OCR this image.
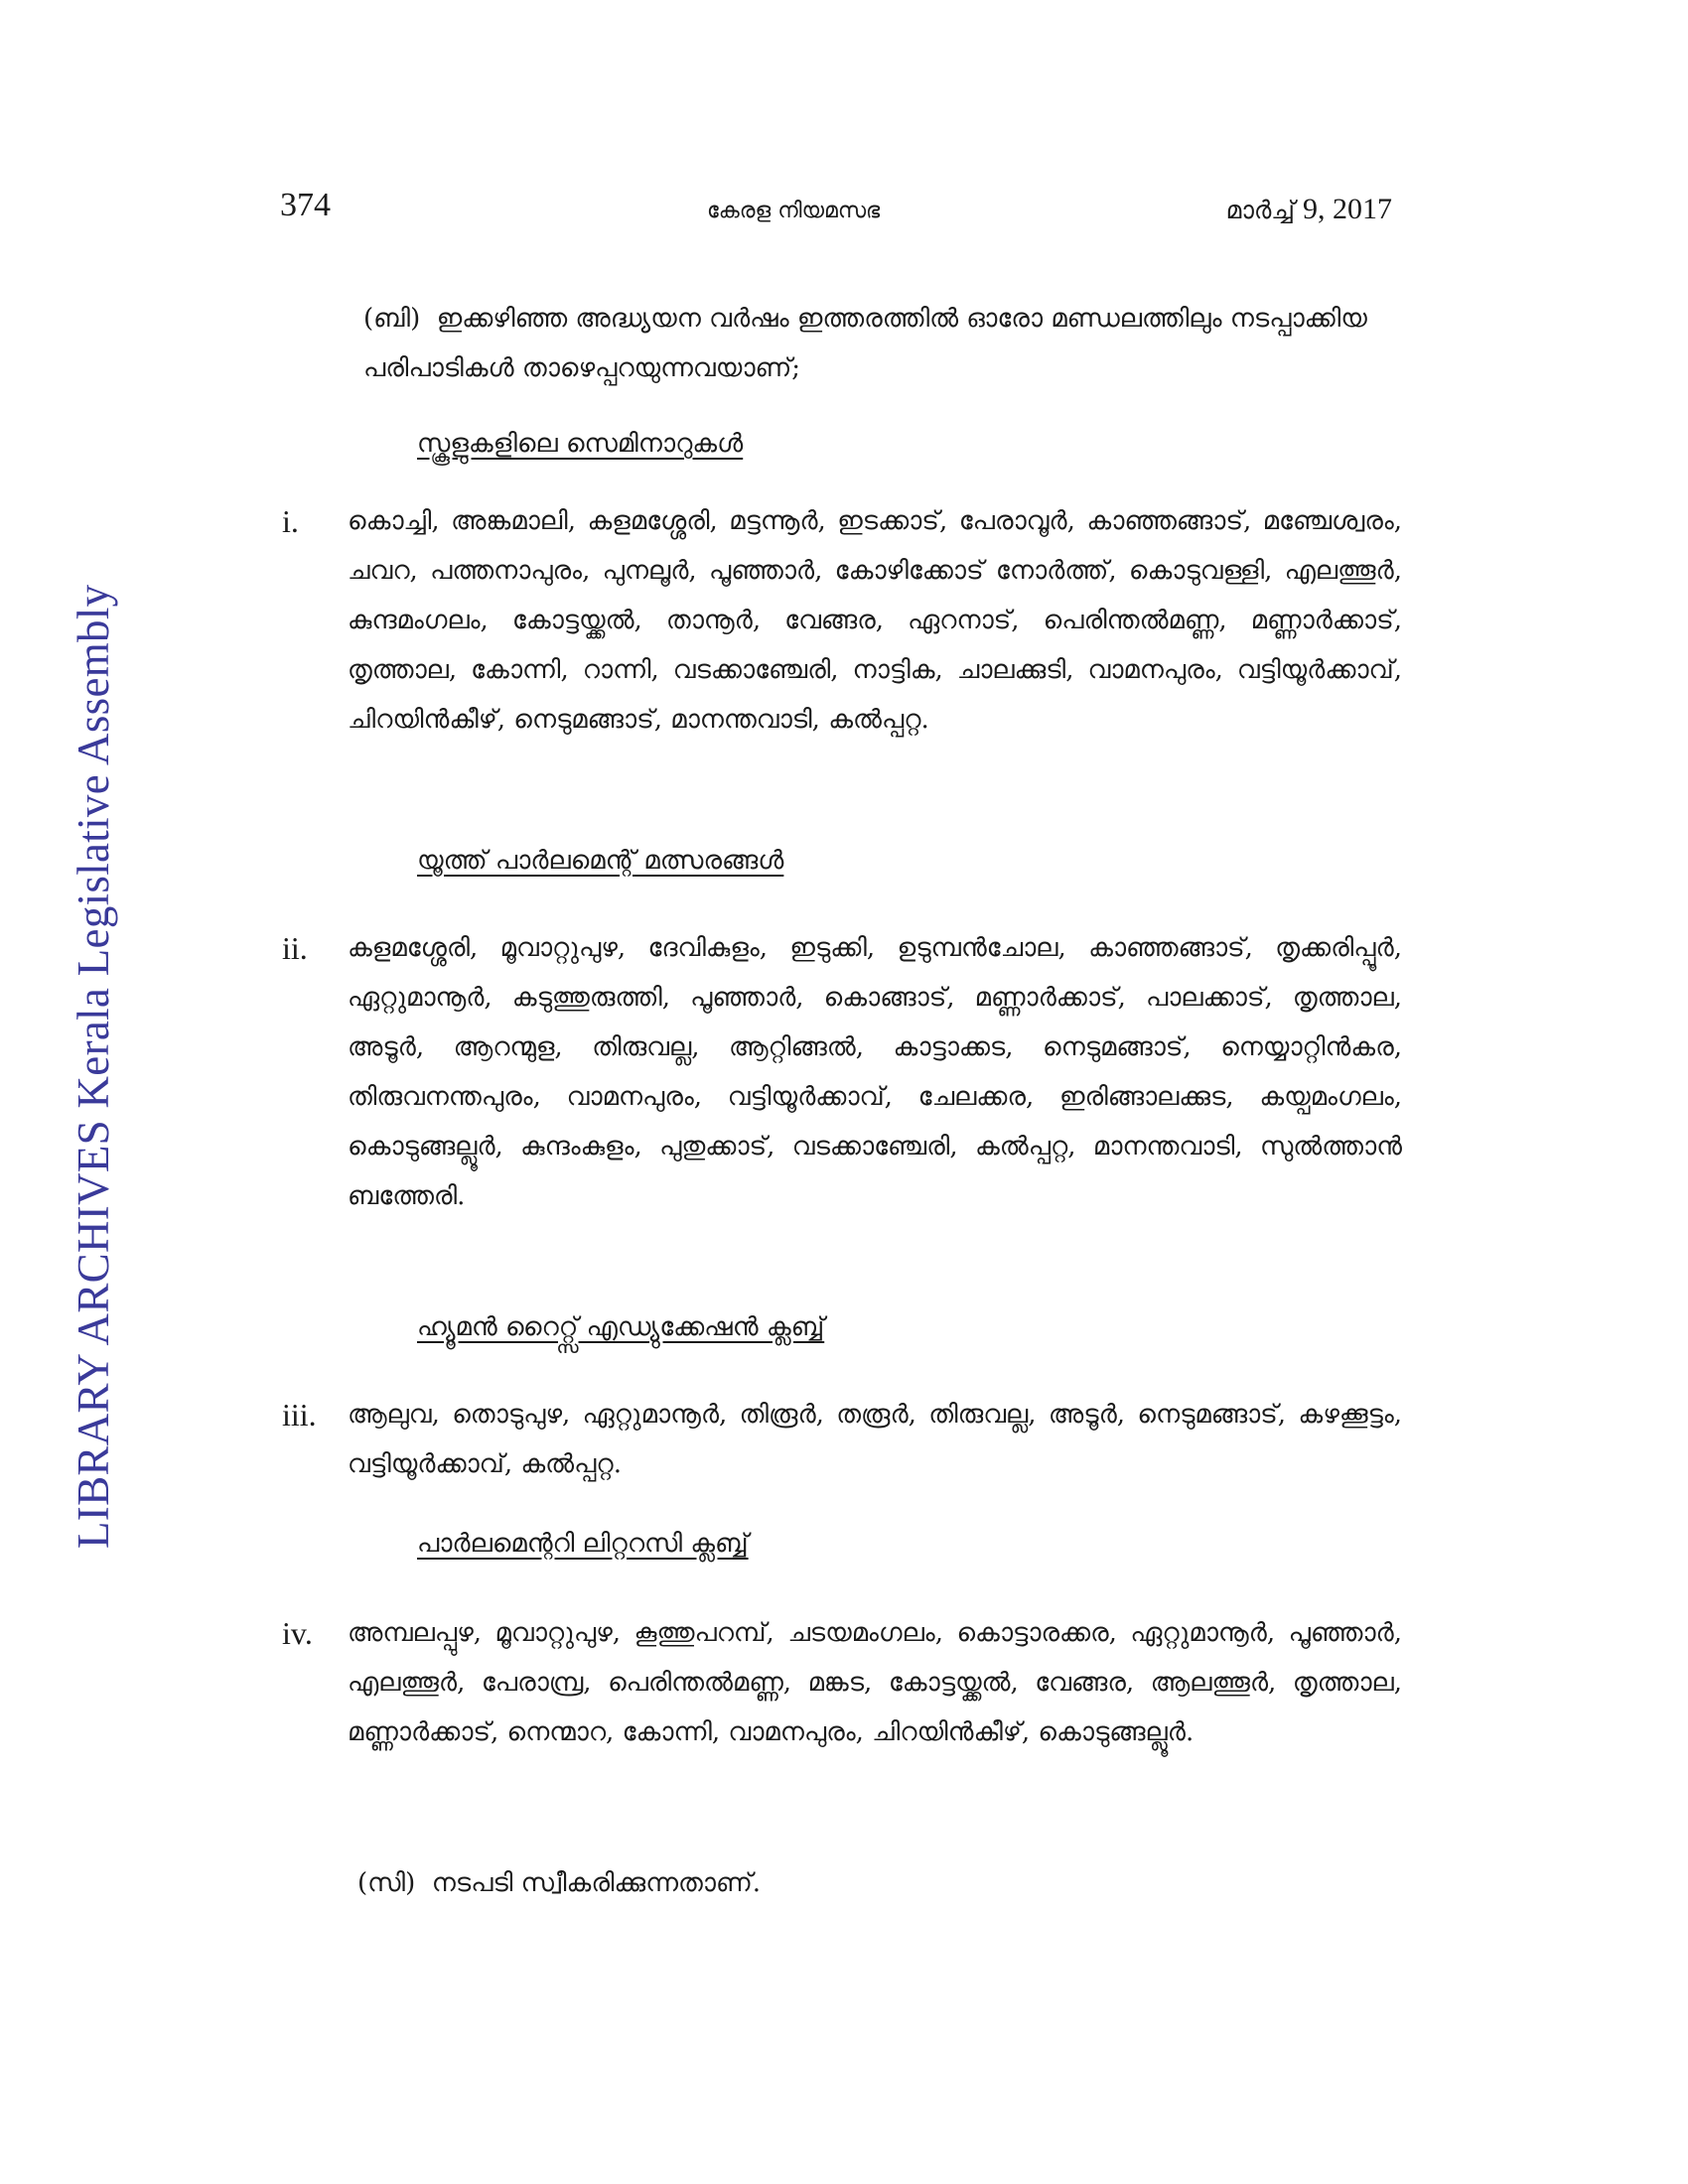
LIBRARY ARCHIVES Kerala Legislative Assembly
374	കേരള നിയമസഭ	മാർച്ച് 9, 2017
(ബി) ഇക്കഴിഞ്ഞ അദ്ധ്യയന വർഷം ഇത്തരത്തിൽ ഓരോ മണ്ഡലത്തിലും നടപ്പാക്കിയ പരിപാടികൾ താഴെപ്പറയുന്നവയാണ്;
സ്കൂളുകളിലെ സെമിനാറുകൾ
i. കൊച്ചി, അങ്കമാലി, കളമശ്ശേരി, മട്ടന്നൂർ, ഇടക്കാട്, പേരാവൂർ, കാഞ്ഞങ്ങാട്, മഞ്ചേശ്വരം, ചവറ, പത്തനാപുരം, പുനലൂർ, പൂഞ്ഞാർ, കോഴിക്കോട് നോർത്ത്, കൊടുവള്ളി, എലത്തൂർ, കുന്ദമംഗലം, കോട്ടയ്ക്കൽ, താനൂർ, വേങ്ങര, ഏറനാട്, പെരിന്തൽമണ്ണ, മണ്ണാർക്കാട്, തൃത്താല, കോന്നി, റാന്നി, വടക്കാഞ്ചേരി, നാട്ടിക, ചാലക്കുടി, വാമനപുരം, വട്ടിയൂർക്കാവ്, ചിറയിൻകീഴ്, നെടുമങ്ങാട്, മാനന്തവാടി, കൽപ്പറ്റ.
യൂത്ത് പാർലമെന്റ് മത്സരങ്ങൾ
ii. കളമശ്ശേരി, മൂവാറ്റുപുഴ, ദേവികുളം, ഇടുക്കി, ഉടുമ്പൻചോല, കാഞ്ഞങ്ങാട്, തൃക്കരിപ്പൂർ, ഏറ്റുമാനൂർ, കടുത്തുരുത്തി, പൂഞ്ഞാർ, കൊങ്ങാട്, മണ്ണാർക്കാട്, പാലക്കാട്, തൃത്താല, അടൂർ, ആറന്മുള, തിരുവല്ല, ആറ്റിങ്ങൽ, കാട്ടാക്കട, നെടുമങ്ങാട്, നെയ്യാറ്റിൻകര, തിരുവനന്തപുരം, വാമനപുരം, വട്ടിയൂർക്കാവ്, ചേലക്കര, ഇരിങ്ങാലക്കുട, കയ്പമംഗലം, കൊടുങ്ങല്ലൂർ, കുന്ദംകുളം, പുതുക്കാട്, വടക്കാഞ്ചേരി, കൽപ്പറ്റ, മാനന്തവാടി, സുൽത്താൻ ബത്തേരി.
ഹ്യൂമൻ റൈറ്റ്സ് എഡ്യുക്കേഷൻ ക്ലബ്ബ്
iii. ആലുവ, തൊടുപുഴ, ഏറ്റുമാനൂർ, തിരൂർ, തരൂർ, തിരുവല്ല, അടൂർ, നെടുമങ്ങാട്, കഴക്കൂട്ടം, വട്ടിയൂർക്കാവ്, കൽപ്പറ്റ.
പാർലമെന്ററി ലിറ്ററസി ക്ലബ്ബ്
iv. അമ്പലപ്പുഴ, മൂവാറ്റുപുഴ, കൂത്തുപറമ്പ്, ചടയമംഗലം, കൊട്ടാരക്കര, ഏറ്റുമാനൂർ, പൂഞ്ഞാർ, എലത്തൂർ, പേരാമ്പ്ര, പെരിന്തൽമണ്ണ, മങ്കട, കോട്ടയ്ക്കൽ, വേങ്ങര, ആലത്തൂർ, തൃത്താല, മണ്ണാർക്കാട്, നെന്മാറ, കോന്നി, വാമനപുരം, ചിറയിൻകീഴ്, കൊടുങ്ങല്ലൂർ.
(സി) നടപടി സ്വീകരിക്കുന്നതാണ്.
